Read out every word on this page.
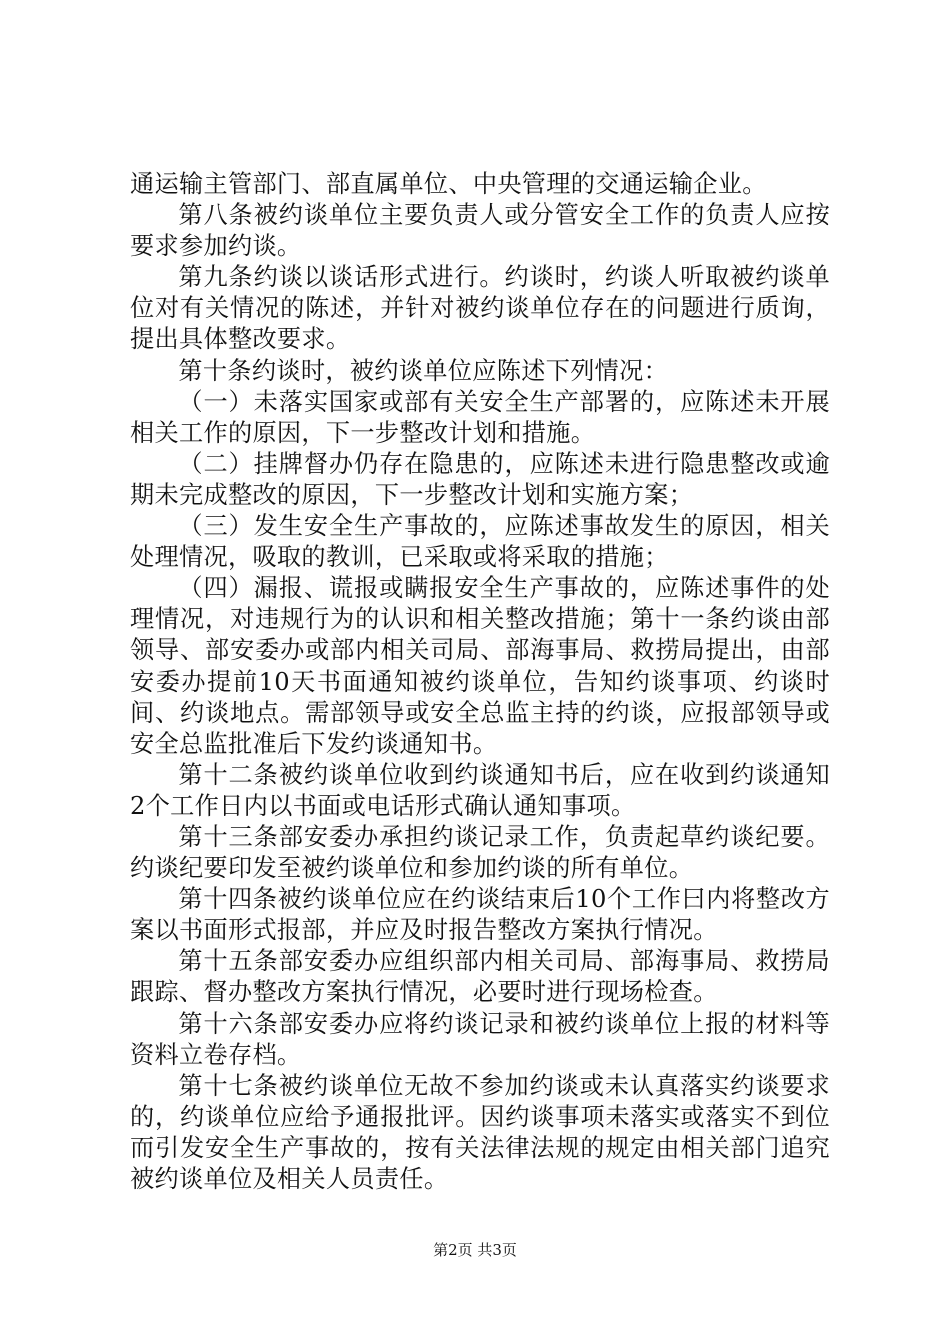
通运输主管部门、部直属单位、中央管理的交通运输企业。

第八条被约谈单位主要负责人或分管安全工作的负责人应按要求参加约谈。

第九条约谈以谈话形式进行。约谈时，约谈人听取被约谈单位对有关情况的陈述，并针对被约谈单位存在的问题进行质询，提出具体整改要求。

第十条约谈时，被约谈单位应陈述下列情况：

（一）未落实国家或部有关安全生产部署的，应陈述未开展相关工作的原因，下一步整改计划和措施。

（二）挂牌督办仍存在隐患的，应陈述未进行隐患整改或逾期未完成整改的原因，下一步整改计划和实施方案；

（三）发生安全生产事故的，应陈述事故发生的原因，相关处理情况，吸取的教训，已采取或将采取的措施；

（四）漏报、谎报或瞒报安全生产事故的，应陈述事件的处理情况，对违规行为的认识和相关整改措施；第十一条约谈由部领导、部安委办或部内相关司局、部海事局、救捞局提出，由部安委办提前10天书面通知被约谈单位，告知约谈事项、约谈时间、约谈地点。需部领导或安全总监主持的约谈，应报部领导或安全总监批准后下发约谈通知书。

第十二条被约谈单位收到约谈通知书后，应在收到约谈通知2个工作日内以书面或电话形式确认通知事项。

第十三条部安委办承担约谈记录工作，负责起草约谈纪要。约谈纪要印发至被约谈单位和参加约谈的所有单位。

第十四条被约谈单位应在约谈结束后10个工作曰内将整改方案以书面形式报部，并应及时报告整改方案执行情况。

第十五条部安委办应组织部内相关司局、部海事局、救捞局跟踪、督办整改方案执行情况，必要时进行现场检查。

第十六条部安委办应将约谈记录和被约谈单位上报的材料等资料立卷存档。

第十七条被约谈单位无故不参加约谈或未认真落实约谈要求的，约谈单位应给予通报批评。因约谈事项未落实或落实不到位而引发安全生产事故的，按有关法律法规的规定由相关部门追究被约谈单位及相关人员责任。

第2页 共3页
